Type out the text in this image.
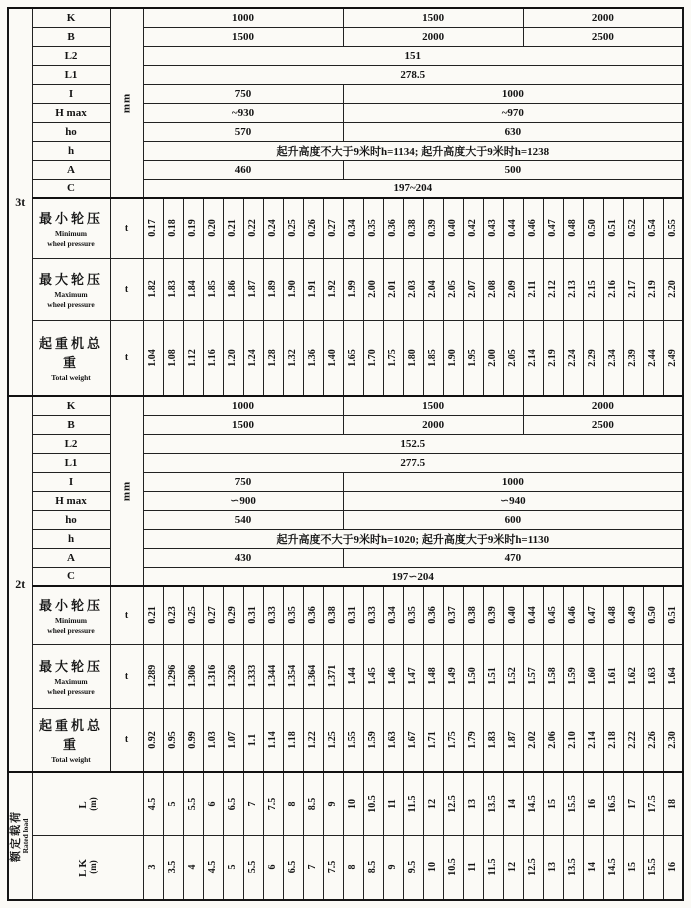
3t	K	mm	1000										1500									2000							
	B		1500										2000									2500							
	L2		151																										
	L1		278.5																										
	I		750										1000																
	H max		~930										~970																
	ho		570										630																
	h		起升高度不大于9米时h=1134; 起升高度大于9米时h=1238																										
	A		460										500																
	C		197~204																										

	最小轮压
Minimum
wheel pressure	t	0.17	0.18	0.19	0.20	0.21	0.22	0.24	0.25	0.26	0.27	0.34	0.35	0.36	0.38	0.39	0.40	0.42	0.43	0.44	0.46	0.47	0.48	0.50	0.51	0.52	0.54	0.55

	最大轮压
Maximum
wheel pressure	t	1.82	1.83	1.84	1.85	1.86	1.87	1.89	1.90	1.91	1.92	1.99	2.00	2.01	2.03	2.04	2.05	2.07	2.08	2.09	2.11	2.12	2.13	2.15	2.16	2.17	2.19	2.20

	起重机总重
Total weight	t	1.04	1.08	1.12	1.16	1.20	1.24	1.28	1.32	1.36	1.40	1.65	1.70	1.75	1.80	1.85	1.90	1.95	2.00	2.05	2.14	2.19	2.24	2.29	2.34	2.39	2.44	2.49

2t	K	mm	1000										1500									2000							
	B		1500										2000									2500							
	L2		152.5																										
	L1		277.5																										
	I		750										1000																
	H max		∽900										∽940																
	ho		540										600																
	h		起升高度不大于9米时h=1020; 起升高度大于9米时h=1130																										
	A		430										470																
	C		197∽204																										

	最小轮压
Minimum
wheel pressure	t	0.21	0.23	0.25	0.27	0.29	0.31	0.33	0.35	0.36	0.38	0.31	0.33	0.34	0.35	0.36	0.37	0.38	0.39	0.40	0.44	0.45	0.46	0.47	0.48	0.49	0.50	0.51

	最大轮压
Maximum
wheel pressure	t	1.289	1.296	1.306	1.316	1.326	1.333	1.344	1.354	1.364	1.371	1.44	1.45	1.46	1.47	1.48	1.49	1.50	1.51	1.52	1.57	1.58	1.59	1.60	1.61	1.62	1.63	1.64

	起重机总重
Total weight	t	0.92	0.95	0.99	1.03	1.07	1.1	1.14	1.18	1.22	1.25	1.55	1.59	1.63	1.67	1.71	1.75	1.79	1.83	1.87	2.02	2.06	2.10	2.14	2.18	2.22	2.26	2.30

额定载荷 Rated load	L (m)		4.5	5	5.5	6	6.5	7	7.5	8	8.5	9	10	10.5	11	11.5	12	12.5	13	13.5	14	14.5	15	15.5	16	16.5	17	17.5	18

	LK (m)		3	3.5	4	4.5	5	5.5	6	6.5	7	7.5	8	8.5	9	9.5	10	10.5	11	11.5	12	12.5	13	13.5	14	14.5	15	15.5	16
